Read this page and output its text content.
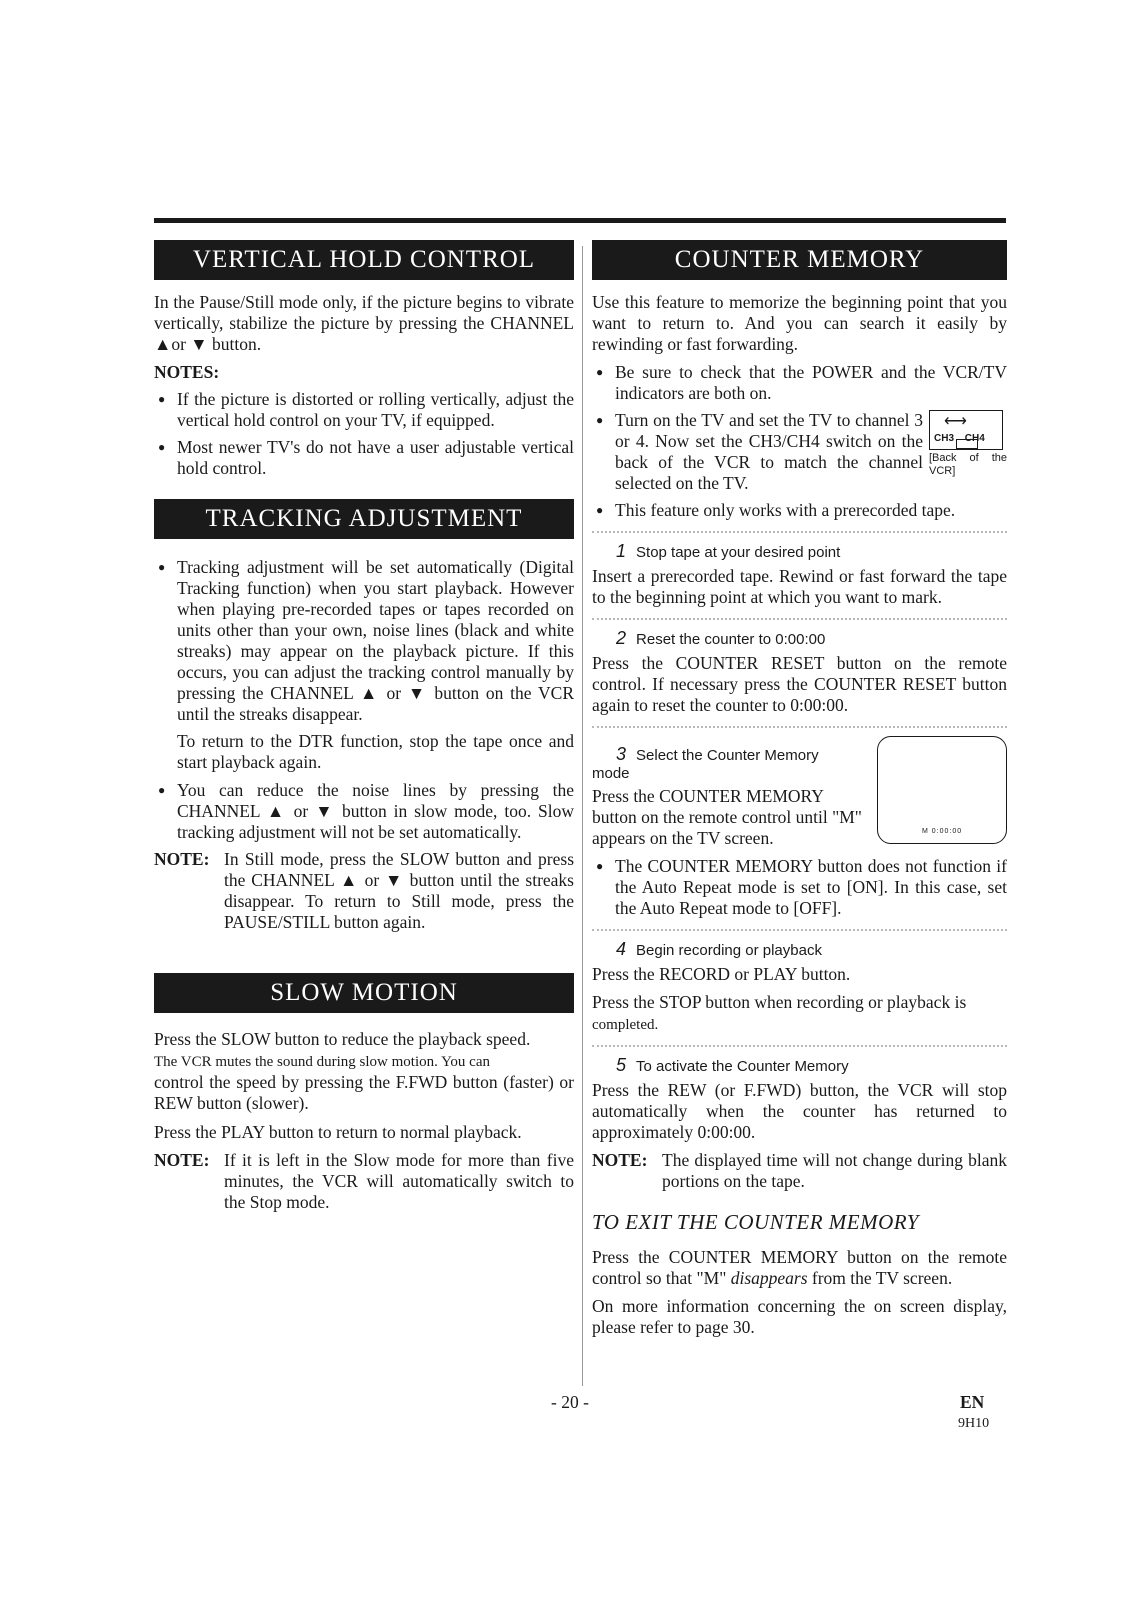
VERTICAL HOLD CONTROL

In the Pause/Still mode only, if the picture begins to vibrate vertically, stabilize the picture by pressing the CHANNEL ▲or ▼ button.

NOTES:
● If the picture is distorted or rolling vertically, adjust the vertical hold control on your TV, if equipped.
● Most newer TV's do not have a user adjustable vertical hold control.
TRACKING ADJUSTMENT
● Tracking adjustment will be set automatically (Digital Tracking function) when you start playback. However when playing pre-recorded tapes or tapes recorded on units other than your own, noise lines (black and white streaks) may appear on the playback picture. If this occurs, you can adjust the tracking control manually by pressing the CHANNEL ▲ or ▼ button on the VCR until the streaks disappear.

To return to the DTR function, stop the tape once and start playback again.

● You can reduce the noise lines by pressing the CHANNEL ▲ or ▼ button in slow mode, too. Slow tracking adjustment will not be set automatically.
NOTE: In Still mode, press the SLOW button and press the CHANNEL ▲ or ▼ button until the streaks disappear. To return to Still mode, press the PAUSE/STILL button again.
SLOW MOTION

Press the SLOW button to reduce the playback speed.
The VCR mutes the sound during slow motion. You can
control the speed by pressing the F.FWD button (faster) or REW button (slower).

Press the PLAY button to return to normal playback.

NOTE: If it is left in the Slow mode for more than five minutes, the VCR will automatically switch to the Stop mode.
COUNTER MEMORY

Use this feature to memorize the beginning point that you want to return to. And you can search it easily by rewinding or fast forwarding.

● Be sure to check that the POWER and the VCR/TV indicators are both on.
● ⟷
CH3 CH4
[Back of the VCR]
Turn on the TV and set the TV to channel 3 or 4. Now set the CH3/CH4 switch on the back of the VCR to match the channel selected on the TV.
● This feature only works with a prerecorded tape.
1 Stop tape at your desired point

Insert a prerecorded tape. Rewind or fast forward the tape to the beginning point at which you want to mark.

2 Reset the counter to 0:00:00

Press the COUNTER RESET button on the remote control. If necessary press the COUNTER RESET button again to reset the counter to 0:00:00.

M 0:00:00
3 Select the Counter Memory mode

Press the COUNTER MEMORY button on the remote control until "M" appears on the TV screen.

● The COUNTER MEMORY button does not function if the Auto Repeat mode is set to [ON]. In this case, set the Auto Repeat mode to [OFF].
4 Begin recording or playback

Press the RECORD or PLAY button.

Press the STOP button when recording or playback is
completed.

5 To activate the Counter Memory

Press the REW (or F.FWD) button, the VCR will stop automatically when the counter has returned to approximately 0:00:00.

NOTE: The displayed time will not change during blank portions on the tape.
TO EXIT THE COUNTER MEMORY

Press the COUNTER MEMORY button on the remote control so that "M" disappears from the TV screen.

On more information concerning the on screen display, please refer to page 30.

- 20 -	EN
9H10
